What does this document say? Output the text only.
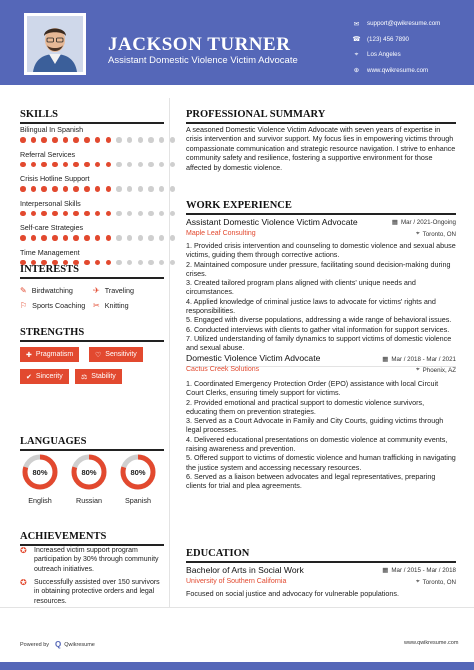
JACKSON TURNER
Assistant Domestic Violence Victim Advocate
✉ support@qwikresume.com
☎ (123) 456 7890
⌖	Los Angeles
⊕ www.qwikresume.com
SKILLS
Bilingual In Spanish
Referral Services
Crisis Hotline Support
Interpersonal Skills
Self-care Strategies
Time Management
INTERESTS
✎ Birdwatching	✈ Traveling
⚐ Sports Coaching ✂ Knitting
STRENGTHS
✚ Pragmatism	♡ Sensitivity
✔ Sincerity	⚖ Stability
LANGUAGES
80%
English
80%
Russian
80%
Spanish
ACHIEVEMENTS
✪	Increased victim support program participation by 30% through community outreach initiatives.
✪	Successfully assisted over 150 survivors in obtaining protective orders and legal resources.
PROFESSIONAL SUMMARY
A seasoned Domestic Violence Victim Advocate with seven years of expertise in crisis intervention and survivor support. My focus lies in empowering victims through compassionate communication and strategic resource navigation. I strive to enhance community safety and resilience, fostering a supportive environment for those affected by domestic violence.
WORK EXPERIENCE
Assistant Domestic Violence Victim Advocate	▦ Mar / 2021-Ongoing
Maple Leaf Consulting	⌖ Toronto, ON
1. Provided crisis intervention and counseling to domestic violence and sexual abuse victims, guiding them through corrective actions.
2. Maintained composure under pressure, facilitating sound decision-making during crises.
3. Created tailored program plans aligned with clients' unique needs and circumstances.
4. Applied knowledge of criminal justice laws to advocate for victims' rights and responsibilities.
5. Engaged with diverse populations, addressing a wide range of behavioral issues.
6. Conducted interviews with clients to gather vital information for support services.
7. Utilized understanding of family dynamics to support victims of domestic violence and sexual abuse.
Domestic Violence Victim Advocate	▦ Mar / 2018 - Mar / 2021
Cactus Creek Solutions	⌖ Phoenix, AZ
1. Coordinated Emergency Protection Order (EPO) assistance with local Circuit Court Clerks, ensuring timely support for victims.
2. Provided emotional and practical support to domestic violence survivors, educating them on prevention strategies.
3. Served as a Court Advocate in Family and City Courts, guiding victims through legal processes.
4. Delivered educational presentations on domestic violence at community events, raising awareness and prevention.
5. Offered support to victims of domestic violence and human trafficking in navigating the justice system and accessing necessary resources.
6. Served as a liaison between advocates and legal representatives, preparing clients for trial and plea agreements.
EDUCATION
Bachelor of Arts in Social Work	▦ Mar / 2015 - Mar / 2018
University of Southern California	⌖ Toronto, ON
Focused on social justice and advocacy for vulnerable populations.
Powered by Q Qwikresume	www.qwikresume.com
